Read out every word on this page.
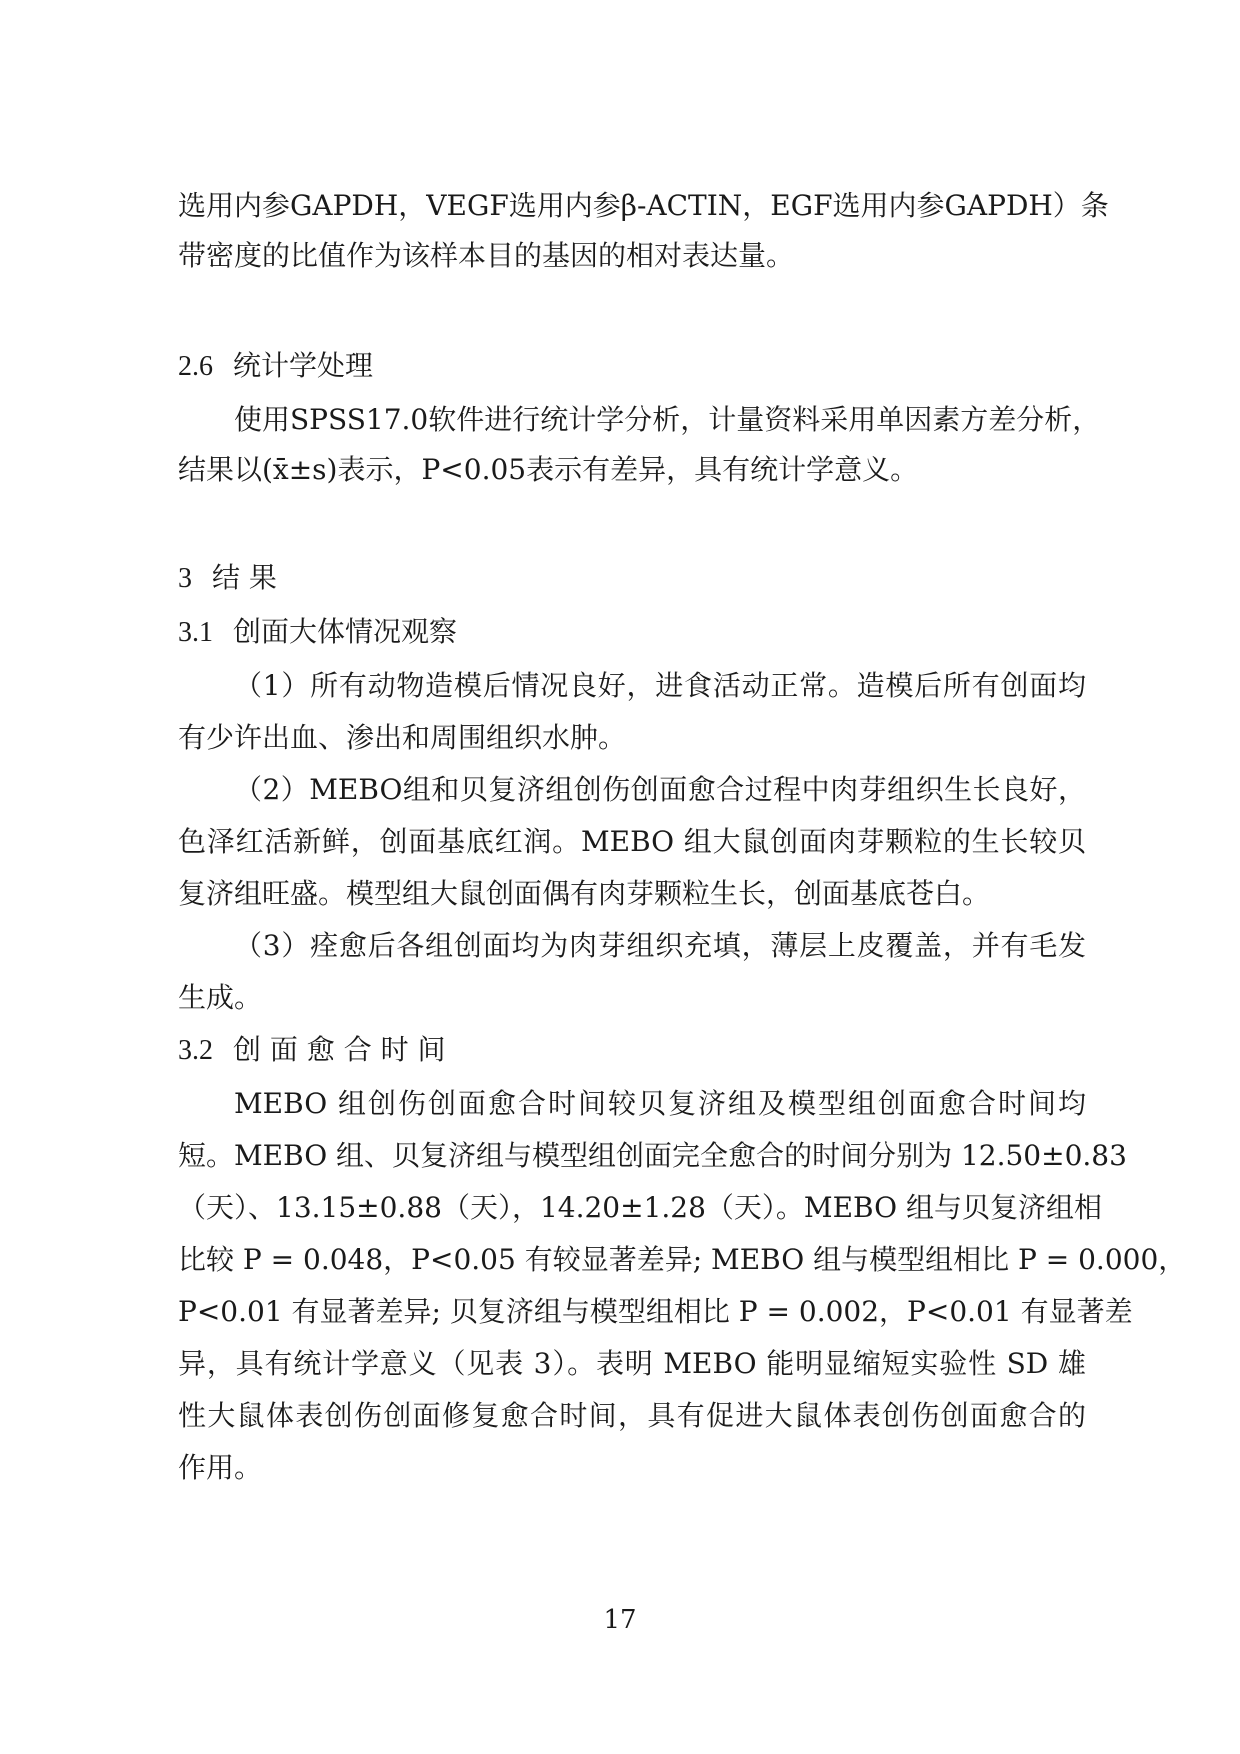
选用内参GAPDH，VEGF选用内参β-ACTIN，EGF选用内参GAPDH）条
带密度的比值作为该样本目的基因的相对表达量。
2.6 统计学处理
使用SPSS17.0软件进行统计学分析，计量资料采用单因素方差分析，
结果以(x̄±s)表示，P<0.05表示有差异，具有统计学意义。
3 结 果
3.1 创面大体情况观察
（1）所有动物造模后情况良好，进食活动正常。造模后所有创面均
有少许出血、渗出和周围组织水肿。
（2）MEBO组和贝复济组创伤创面愈合过程中肉芽组织生长良好，
色泽红活新鲜，创面基底红润。MEBO 组大鼠创面肉芽颗粒的生长较贝
复济组旺盛。模型组大鼠创面偶有肉芽颗粒生长，创面基底苍白。
（3）痊愈后各组创面均为肉芽组织充填，薄层上皮覆盖，并有毛发
生成。
3.2 创 面 愈 合 时 间
MEBO 组创伤创面愈合时间较贝复济组及模型组创面愈合时间均
短。MEBO 组、贝复济组与模型组创面完全愈合的时间分别为 12.50±0.83
（天）、13.15±0.88（天），14.20±1.28（天）。MEBO 组与贝复济组相
比较 P = 0.048，P<0.05 有较显著差异; MEBO 组与模型组相比 P = 0.000，
P<0.01 有显著差异; 贝复济组与模型组相比 P = 0.002，P<0.01 有显著差
异，具有统计学意义（见表 3）。表明 MEBO 能明显缩短实验性 SD 雄
性大鼠体表创伤创面修复愈合时间，具有促进大鼠体表创伤创面愈合的
作用。
17
